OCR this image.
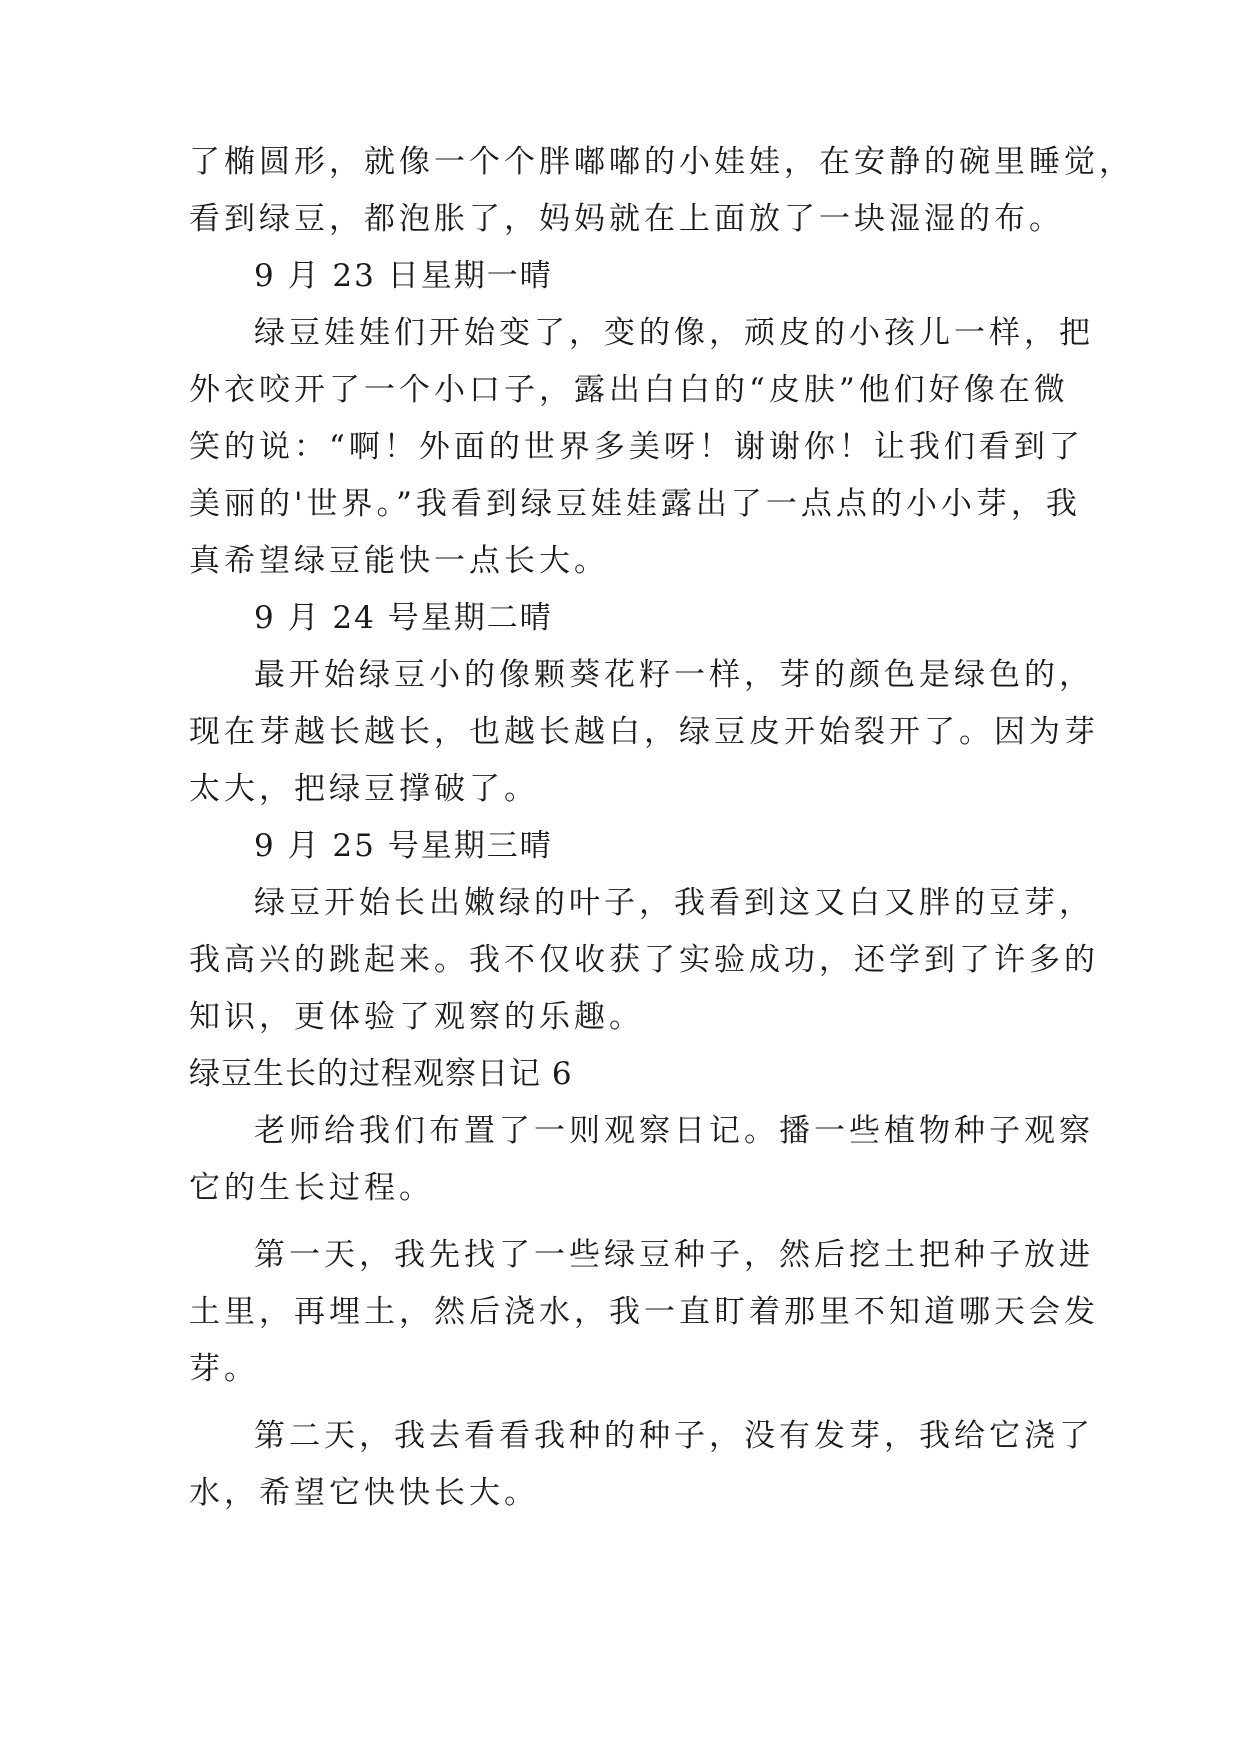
了椭圆形，就像一个个胖嘟嘟的小娃娃，在安静的碗里睡觉，
看到绿豆，都泡胀了，妈妈就在上面放了一块湿湿的布。
9 月 23 日星期一晴
绿豆娃娃们开始变了，变的像，顽皮的小孩儿一样，把
外衣咬开了一个小口子，露出白白的“皮肤”他们好像在微
笑的说：“啊！外面的世界多美呀！谢谢你！让我们看到了
美丽的'世界。”我看到绿豆娃娃露出了一点点的小小芽，我
真希望绿豆能快一点长大。
9 月 24 号星期二晴
最开始绿豆小的像颗葵花籽一样，芽的颜色是绿色的，
现在芽越长越长，也越长越白，绿豆皮开始裂开了。因为芽
太大，把绿豆撑破了。
9 月 25 号星期三晴
绿豆开始长出嫩绿的叶子，我看到这又白又胖的豆芽，
我高兴的跳起来。我不仅收获了实验成功，还学到了许多的
知识，更体验了观察的乐趣。
绿豆生长的过程观察日记 6
老师给我们布置了一则观察日记。播一些植物种子观察
它的生长过程。
第一天，我先找了一些绿豆种子，然后挖土把种子放进
土里，再埋土，然后浇水，我一直盯着那里不知道哪天会发
芽。
第二天，我去看看我种的种子，没有发芽，我给它浇了
水，希望它快快长大。
